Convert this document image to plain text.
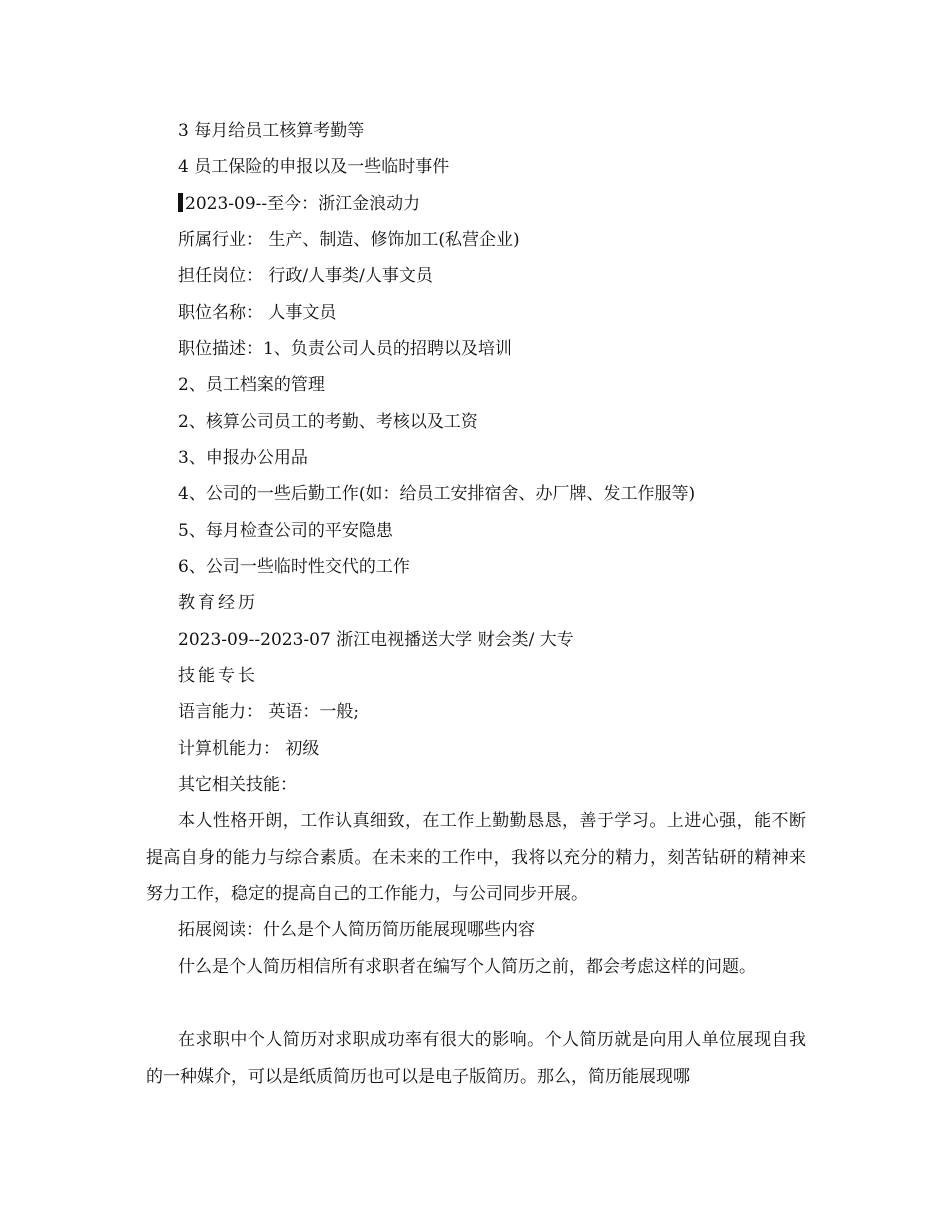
3 每月给员工核算考勤等
4 员工保险的申报以及一些临时事件
2023-09--至今：浙江金浪动力
所属行业： 生产、制造、修饰加工(私营企业)
担任岗位： 行政/人事类/人事文员
职位名称： 人事文员
职位描述：1、负责公司人员的招聘以及培训
2、员工档案的管理
2、核算公司员工的考勤、考核以及工资
3、申报办公用品
4、公司的一些后勤工作(如：给员工安排宿舍、办厂牌、发工作服等)
5、每月检查公司的平安隐患
6、公司一些临时性交代的工作
教育经历
2023-09--2023-07 浙江电视播送大学 财会类/ 大专
技能专长
语言能力： 英语：一般;
计算机能力： 初级
其它相关技能：
本人性格开朗，工作认真细致，在工作上勤勤恳恳，善于学习。上进心强，能不断提高自身的能力与综合素质。在未来的工作中，我将以充分的精力，刻苦钻研的精神来努力工作，稳定的提高自己的工作能力，与公司同步开展。
拓展阅读：什么是个人简历简历能展现哪些内容
什么是个人简历相信所有求职者在编写个人简历之前，都会考虑这样的问题。
在求职中个人简历对求职成功率有很大的影响。个人简历就是向用人单位展现自我的一种媒介，可以是纸质简历也可以是电子版简历。那么，简历能展现哪
